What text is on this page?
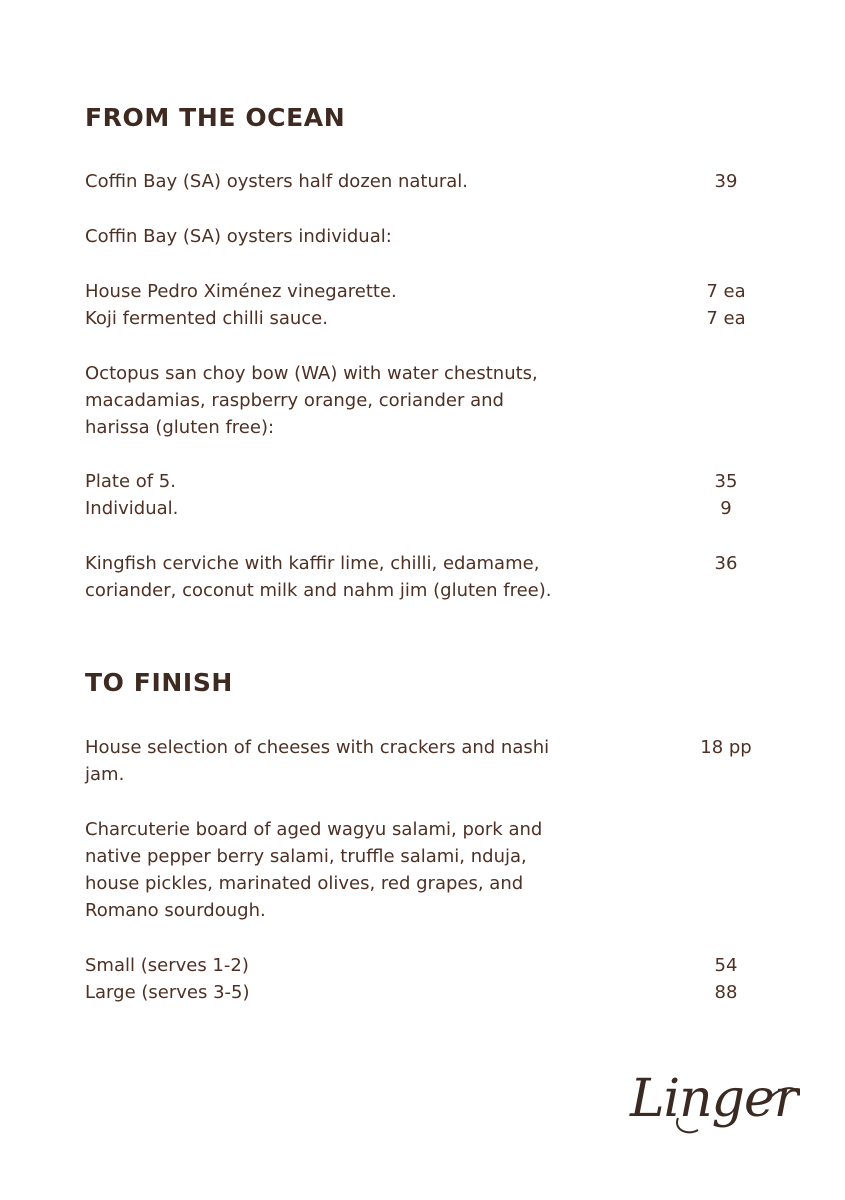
FROM THE OCEAN
Coffin Bay (SA) oysters half dozen natural.	39
Coffin Bay (SA) oysters individual:
House Pedro Ximénez vinegarette.	7 ea
Koji fermented chilli sauce.	7 ea
Octopus san choy bow (WA) with water chestnuts,
macadamias, raspberry orange, coriander and
harissa (gluten free):
Plate of 5.	35
Individual.	9
Kingfish cerviche with kaffir lime, chilli, edamame,	36
coriander, coconut milk and nahm jim (gluten free).
TO FINISH
House selection of cheeses with crackers and nashi	18 pp
jam.
Charcuterie board of aged wagyu salami, pork and
native pepper berry salami, truffle salami, nduja,
house pickles, marinated olives, red grapes, and
Romano sourdough.
Small (serves 1-2)	54
Large (serves 3-5)	88
Linger
